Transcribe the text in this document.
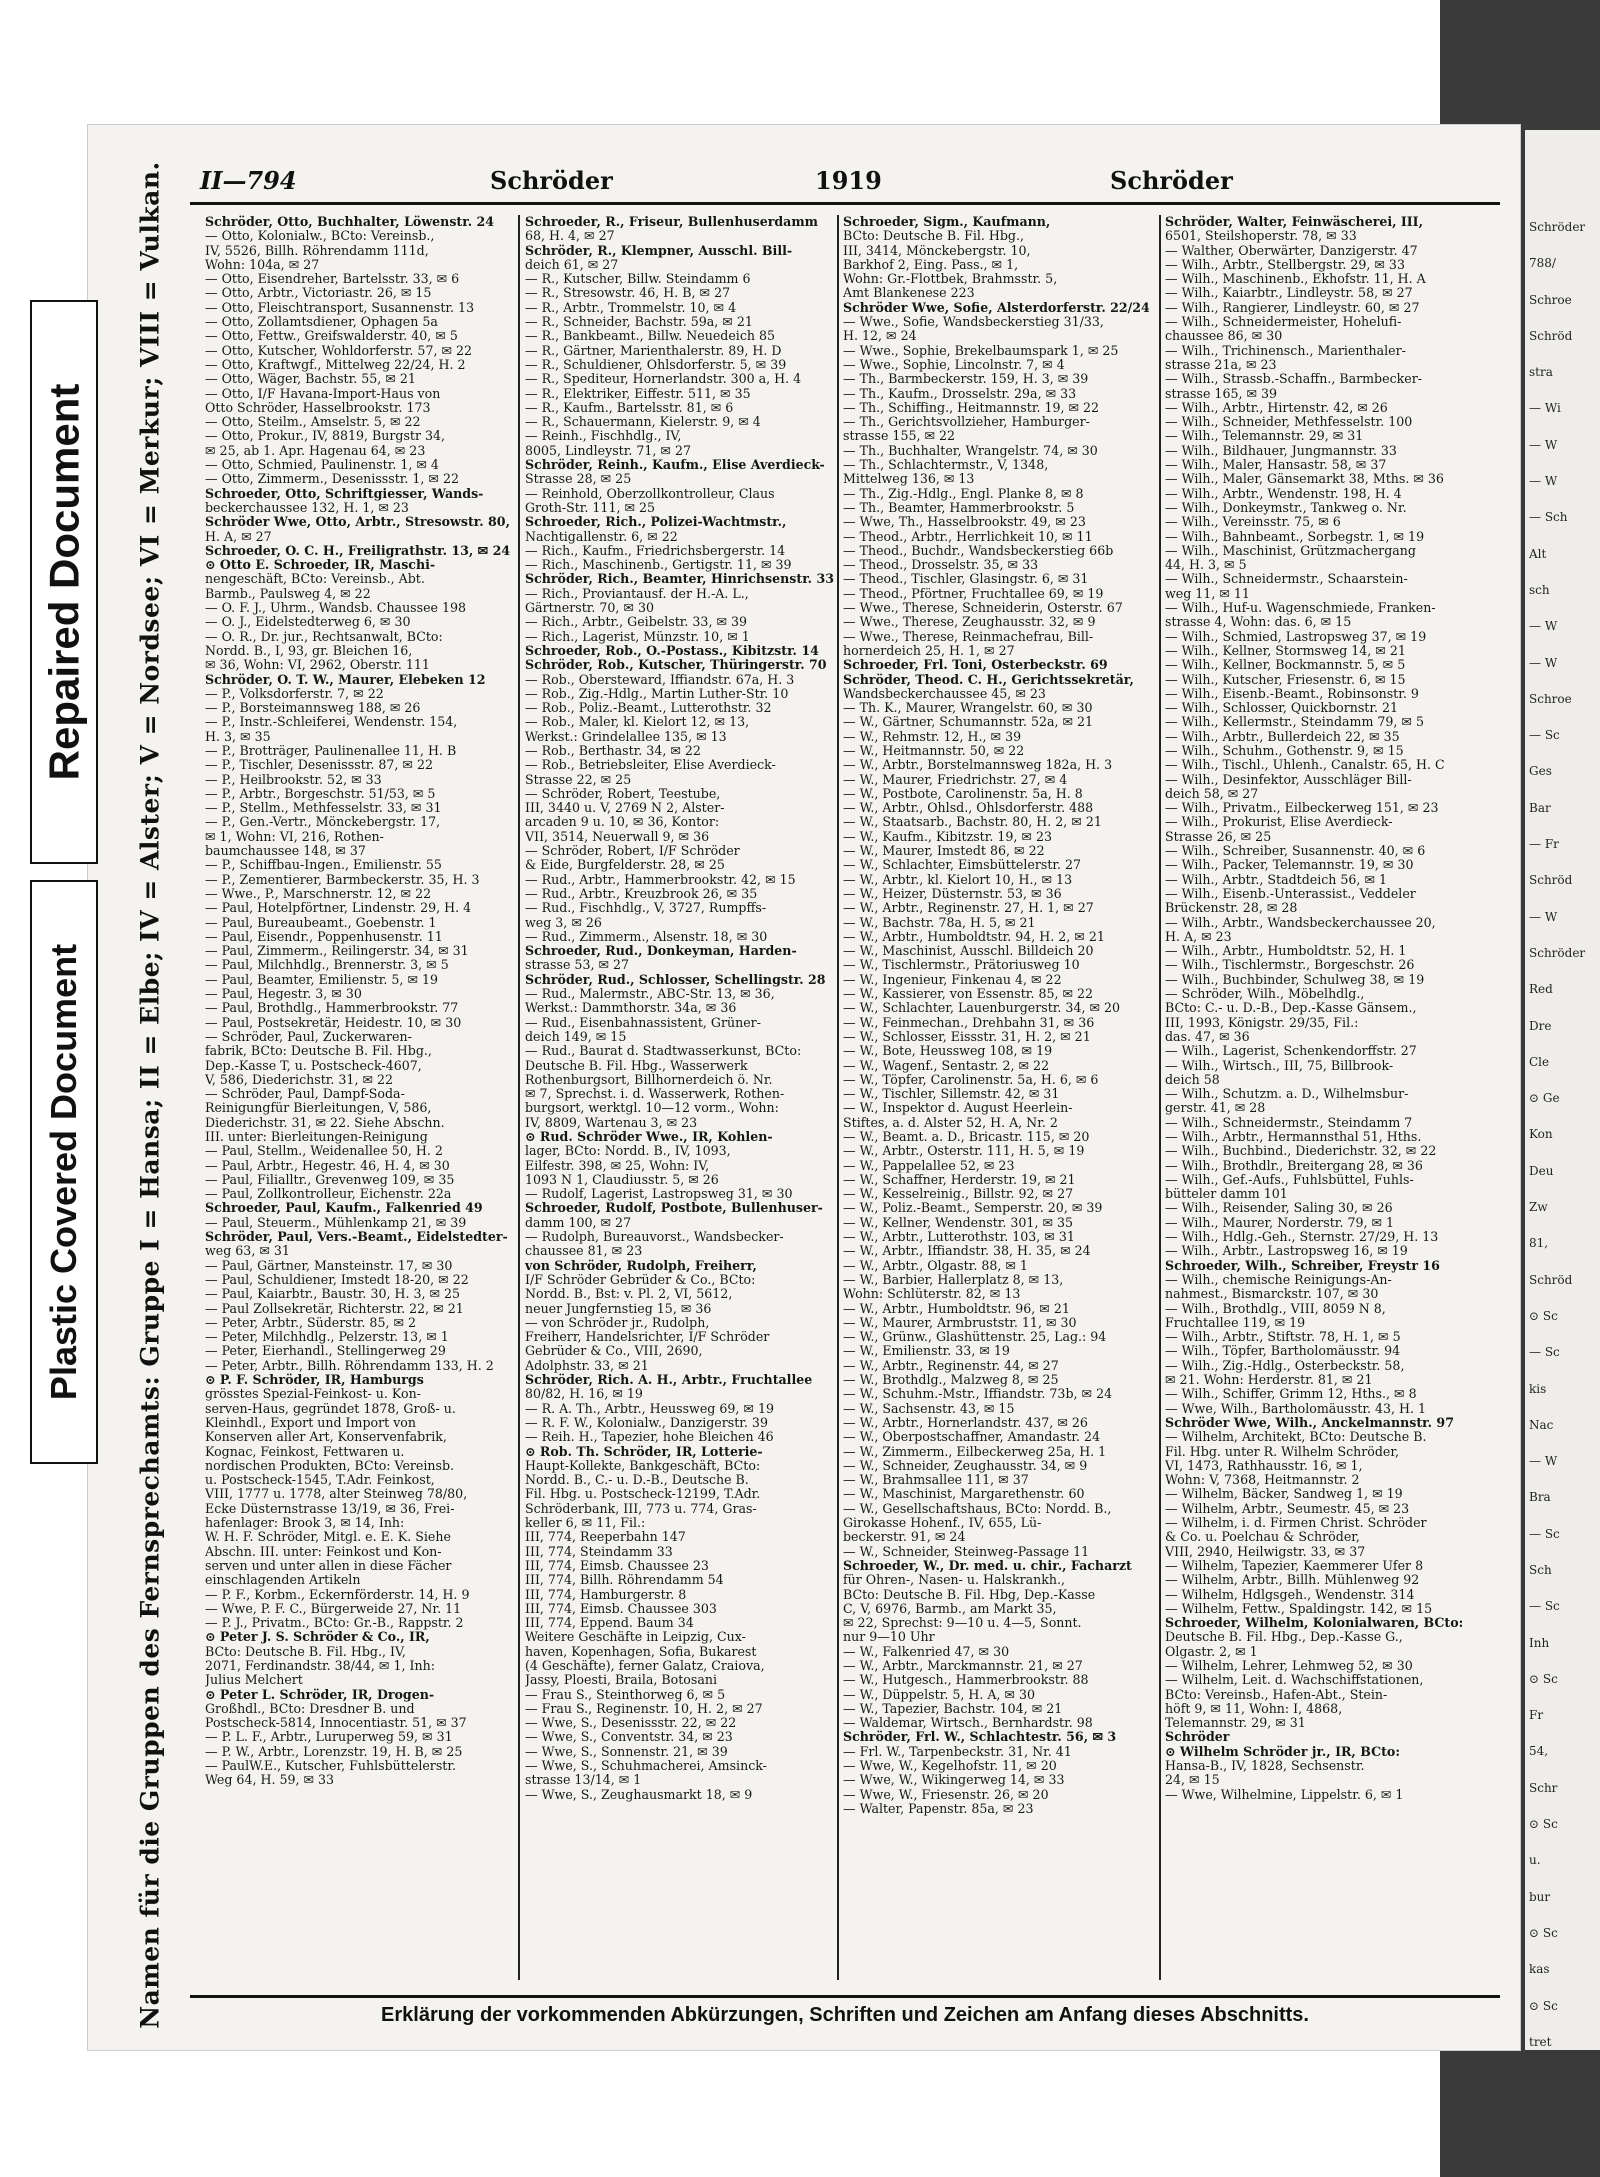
Schröder
788/
Schroe
Schröd
stra
— Wi
— W
— W
— Sch
Alt
sch
— W
— W
Schroe
— Sc
Ges
Bar
— Fr
Schröd
— W
Schröder
Red
Dre
Cle
⊙ Ge
Kon
Deu
Zw
81,
Schröd
⊙ Sc
— Sc
kis
Nac
— W
Bra
— Sc
Sch
— Sc
Inh
⊙ Sc
Fr
54,
Schr
⊙ Sc
u.
bur
⊙ Sc
kas
⊙ Sc
tret
Repaired Document
Plastic Covered Document Namen für die Gruppen des Fernsprechamts: Gruppe I = Hansa; II = Elbe; IV = Alster; V = Nordsee; VI = Merkur; VIII = Vulkan. II—794	Schröder	1919	Schröder
Schröder, Otto, Buchhalter, Löwenstr. 24
— Otto, Kolonialw., BCto: Vereinsb.,
IV, 5526, Billh. Röhrendamm 111d,
Wohn: 104a, ✉ 27
— Otto, Eisendreher, Bartelsstr. 33, ✉ 6
— Otto, Arbtr., Victoriastr. 26, ✉ 15
— Otto, Fleischtransport, Susannenstr. 13
— Otto, Zollamtsdiener, Ophagen 5a
— Otto, Fettw., Greifswalderstr. 40, ✉ 5
— Otto, Kutscher, Wohldorferstr. 57, ✉ 22
— Otto, Kraftwgf., Mittelweg 22/24, H. 2
— Otto, Wäger, Bachstr. 55, ✉ 21
— Otto, I/F Havana-Import-Haus von
Otto Schröder, Hasselbrookstr. 173
— Otto, Steilm., Amselstr. 5, ✉ 22
— Otto, Prokur., IV, 8819, Burgstr 34,
✉ 25, ab 1. Apr. Hagenau 64, ✉ 23
— Otto, Schmied, Paulinenstr. 1, ✉ 4
— Otto, Zimmerm., Desenissstr. 1, ✉ 22
Schroeder, Otto, Schriftgiesser, Wands-
beckerchaussee 132, H. 1, ✉ 23
Schröder Wwe, Otto, Arbtr., Stresowstr. 80,
H. A, ✉ 27
Schroeder, O. C. H., Freiligrathstr. 13, ✉ 24
⊙ Otto E. Schroeder, IR, Maschi-
nengeschäft, BCto: Vereinsb., Abt.
Barmb., Paulsweg 4, ✉ 22
— O. F. J., Uhrm., Wandsb. Chaussee 198
— O. J., Eidelstedterweg 6, ✉ 30
— O. R., Dr. jur., Rechtsanwalt, BCto:
Nordd. B., I, 93, gr. Bleichen 16,
✉ 36, Wohn: VI, 2962, Oberstr. 111
Schröder, O. T. W., Maurer, Elebeken 12
— P., Volksdorferstr. 7, ✉ 22
— P., Borsteimannsweg 188, ✉ 26
— P., Instr.-Schleiferei, Wendenstr. 154,
H. 3, ✉ 35
— P., Brotträger, Paulinenallee 11, H. B
— P., Tischler, Desenissstr. 87, ✉ 22
— P., Heilbrookstr. 52, ✉ 33
— P., Arbtr., Borgeschstr. 51/53, ✉ 5
— P., Stellm., Methfesselstr. 33, ✉ 31
— P., Gen.-Vertr., Mönckebergstr. 17,
✉ 1, Wohn: VI, 216, Rothen-
baumchaussee 148, ✉ 37
— P., Schiffbau-Ingen., Emilienstr. 55
— P., Zementierer, Barmbeckerstr. 35, H. 3
— Wwe., P., Marschnerstr. 12, ✉ 22
— Paul, Hotelpförtner, Lindenstr. 29, H. 4
— Paul, Bureaubeamt., Goebenstr. 1
— Paul, Eisendr., Poppenhusenstr. 11
— Paul, Zimmerm., Reilingerstr. 34, ✉ 31
— Paul, Milchhdlg., Brennerstr. 3, ✉ 5
— Paul, Beamter, Emilienstr. 5, ✉ 19
— Paul, Hegestr. 3, ✉ 30
— Paul, Brothdlg., Hammerbrookstr. 77
— Paul, Postsekretär, Heidestr. 10, ✉ 30
— Schröder, Paul, Zuckerwaren-
fabrik, BCto: Deutsche B. Fil. Hbg.,
Dep.-Kasse T, u. Postscheck-4607,
V, 586, Diederichstr. 31, ✉ 22
— Schröder, Paul, Dampf-Soda-
Reinigungfür Bierleitungen, V, 586,
Diederichstr. 31, ✉ 22. Siehe Abschn.
III. unter: Bierleitungen-Reinigung
— Paul, Stellm., Weidenallee 50, H. 2
— Paul, Arbtr., Hegestr. 46, H. 4, ✉ 30
— Paul, Filialltr., Grevenweg 109, ✉ 35
— Paul, Zollkontrolleur, Eichenstr. 22a
Schroeder, Paul, Kaufm., Falkenried 49
— Paul, Steuerm., Mühlenkamp 21, ✉ 39
Schröder, Paul, Vers.-Beamt., Eidelstedter-
weg 63, ✉ 31
— Paul, Gärtner, Mansteinstr. 17, ✉ 30
— Paul, Schuldiener, Imstedt 18-20, ✉ 22
— Paul, Kaiarbtr., Baustr. 30, H. 3, ✉ 25
— Paul Zollsekretär, Richterstr. 22, ✉ 21
— Peter, Arbtr., Süderstr. 85, ✉ 2
— Peter, Milchhdlg., Pelzerstr. 13, ✉ 1
— Peter, Eierhandl., Stellingerweg 29
— Peter, Arbtr., Billh. Röhrendamm 133, H. 2
⊙ P. F. Schröder, IR, Hamburgs
grösstes Spezial-Feinkost- u. Kon-
serven-Haus, gegründet 1878, Groß- u.
Kleinhdl., Export und Import von
Konserven aller Art, Konservenfabrik,
Kognac, Feinkost, Fettwaren u.
nordischen Produkten, BCto: Vereinsb.
u. Postscheck-1545, T.Adr. Feinkost,
VIII, 1777 u. 1778, alter Steinweg 78/80,
Ecke Düsternstrasse 13/19, ✉ 36, Frei-
hafenlager: Brook 3, ✉ 14, Inh:
W. H. F. Schröder, Mitgl. e. E. K. Siehe
Abschn. III. unter: Feinkost und Kon-
serven und unter allen in diese Fächer
einschlagenden Artikeln
— P. F., Korbm., Eckernförderstr. 14, H. 9
— Wwe, P. F. C., Bürgerweide 27, Nr. 11
— P. J., Privatm., BCto: Gr.-B., Rappstr. 2
⊙ Peter J. S. Schröder & Co., IR,
BCto: Deutsche B. Fil. Hbg., IV,
2071, Ferdinandstr. 38/44, ✉ 1, Inh:
Julius Melchert
⊙ Peter L. Schröder, IR, Drogen-
Großhdl., BCto: Dresdner B. und
Postscheck-5814, Innocentiastr. 51, ✉ 37
— P. L. F., Arbtr., Luruperweg 59, ✉ 31
— P. W., Arbtr., Lorenzstr. 19, H. B, ✉ 25
— PaulW.E., Kutscher, Fuhlsbüttelerstr.
Weg 64, H. 59, ✉ 33
Schroeder, R., Friseur, Bullenhuserdamm
68, H. 4, ✉ 27
Schröder, R., Klempner, Ausschl. Bill-
deich 61, ✉ 27
— R., Kutscher, Billw. Steindamm 6
— R., Stresowstr. 46, H. B, ✉ 27
— R., Arbtr., Trommelstr. 10, ✉ 4
— R., Schneider, Bachstr. 59a, ✉ 21
— R., Bankbeamt., Billw. Neuedeich 85
— R., Gärtner, Marienthalerstr. 89, H. D
— R., Schuldiener, Ohlsdorferstr. 5, ✉ 39
— R., Spediteur, Hornerlandstr. 300 a, H. 4
— R., Elektriker, Eiffestr. 511, ✉ 35
— R., Kaufm., Bartelsstr. 81, ✉ 6
— R., Schauermann, Kielerstr. 9, ✉ 4
— Reinh., Fischhdlg., IV,
8005, Lindleystr. 71, ✉ 27
Schröder, Reinh., Kaufm., Elise Averdieck-
Strasse 28, ✉ 25
— Reinhold, Oberzollkontrolleur, Claus
Groth-Str. 111, ✉ 25
Schroeder, Rich., Polizei-Wachtmstr.,
Nachtigallenstr. 6, ✉ 22
— Rich., Kaufm., Friedrichsbergerstr. 14
— Rich., Maschinenb., Gertigstr. 11, ✉ 39
Schröder, Rich., Beamter, Hinrichsenstr. 33
— Rich., Proviantausf. der H.-A. L.,
Gärtnerstr. 70, ✉ 30
— Rich., Arbtr., Geibelstr. 33, ✉ 39
— Rich., Lagerist, Münzstr. 10, ✉ 1
Schroeder, Rob., O.-Postass., Kibitzstr. 14
Schröder, Rob., Kutscher, Thüringerstr. 70
— Rob., Obersteward, Iffiandstr. 67a, H. 3
— Rob., Zig.-Hdlg., Martin Luther-Str. 10
— Rob., Poliz.-Beamt., Lutterothstr. 32
— Rob., Maler, kl. Kielort 12, ✉ 13,
Werkst.: Grindelallee 135, ✉ 13
— Rob., Berthastr. 34, ✉ 22
— Rob., Betriebsleiter, Elise Averdieck-
Strasse 22, ✉ 25
— Schröder, Robert, Teestube,
III, 3440 u. V, 2769 N 2, Alster-
arcaden 9 u. 10, ✉ 36, Kontor:
VII, 3514, Neuerwall 9, ✉ 36
— Schröder, Robert, I/F Schröder
& Eide, Burgfelderstr. 28, ✉ 25
— Rud., Arbtr., Hammerbrookstr. 42, ✉ 15
— Rud., Arbtr., Kreuzbrook 26, ✉ 35
— Rud., Fischhdlg., V, 3727, Rumpffs-
weg 3, ✉ 26
— Rud., Zimmerm., Alsenstr. 18, ✉ 30
Schroeder, Rud., Donkeyman, Harden-
strasse 53, ✉ 27
Schröder, Rud., Schlosser, Schellingstr. 28
— Rud., Malermstr., ABC-Str. 13, ✉ 36,
Werkst.: Dammthorstr. 34a, ✉ 36
— Rud., Eisenbahnassistent, Grüner-
deich 149, ✉ 15
— Rud., Baurat d. Stadtwasserkunst, BCto:
Deutsche B. Fil. Hbg., Wasserwerk
Rothenburgsort, Billhornerdeich ö. Nr.
✉ 7, Sprechst. i. d. Wasserwerk, Rothen-
burgsort, werktgl. 10—12 vorm., Wohn:
IV, 8809, Wartenau 3, ✉ 23
⊙ Rud. Schröder Wwe., IR, Kohlen-
lager, BCto: Nordd. B., IV, 1093,
Eilfestr. 398, ✉ 25, Wohn: IV,
1093 N 1, Claudiusstr. 5, ✉ 26
— Rudolf, Lagerist, Lastropsweg 31, ✉ 30
Schroeder, Rudolf, Postbote, Bullenhuser-
damm 100, ✉ 27
— Rudolph, Bureauvorst., Wandsbecker-
chaussee 81, ✉ 23
von Schröder, Rudolph, Freiherr,
I/F Schröder Gebrüder & Co., BCto:
Nordd. B., Bst: v. Pl. 2, VI, 5612,
neuer Jungfernstieg 15, ✉ 36
— von Schröder jr., Rudolph,
Freiherr, Handelsrichter, I/F Schröder
Gebrüder & Co., VIII, 2690,
Adolphstr. 33, ✉ 21
Schröder, Rich. A. H., Arbtr., Fruchtallee
80/82, H. 16, ✉ 19
— R. A. Th., Arbtr., Heussweg 69, ✉ 19
— R. F. W., Kolonialw., Danzigerstr. 39
— Reih. H., Tapezier, hohe Bleichen 46
⊙ Rob. Th. Schröder, IR, Lotterie-
Haupt-Kollekte, Bankgeschäft, BCto:
Nordd. B., C.- u. D.-B., Deutsche B.
Fil. Hbg. u. Postscheck-12199, T.Adr.
Schröderbank, III, 773 u. 774, Gras-
keller 6, ✉ 11, Fil.:
III, 774, Reeperbahn 147
III, 774, Steindamm 33
III, 774, Eimsb. Chaussee 23
III, 774, Billh. Röhrendamm 54
III, 774, Hamburgerstr. 8
III, 774, Eimsb. Chaussee 303
III, 774, Eppend. Baum 34
Weitere Geschäfte in Leipzig, Cux-
haven, Kopenhagen, Sofia, Bukarest
(4 Geschäfte), ferner Galatz, Craiova,
Jassy, Ploesti, Braila, Botosani
— Frau S., Steinthorweg 6, ✉ 5
— Frau S., Reginenstr. 10, H. 2, ✉ 27
— Wwe, S., Desenissstr. 22, ✉ 22
— Wwe, S., Conventstr. 34, ✉ 23
— Wwe, S., Sonnenstr. 21, ✉ 39
— Wwe, S., Schuhmacherei, Amsinck-
strasse 13/14, ✉ 1
— Wwe, S., Zeughausmarkt 18, ✉ 9
Schroeder, Sigm., Kaufmann,
BCto: Deutsche B. Fil. Hbg.,
III, 3414, Mönckebergstr. 10,
Barkhof 2, Eing. Pass., ✉ 1,
Wohn: Gr.-Flottbek, Brahmsstr. 5,
Amt Blankenese 223
Schröder Wwe, Sofie, Alsterdorferstr. 22/24
— Wwe., Sofie, Wandsbeckerstieg 31/33,
H. 12, ✉ 24
— Wwe., Sophie, Brekelbaumspark 1, ✉ 25
— Wwe., Sophie, Lincolnstr. 7, ✉ 4
— Th., Barmbeckerstr. 159, H. 3, ✉ 39
— Th., Kaufm., Drosselstr. 29a, ✉ 33
— Th., Schiffing., Heitmannstr. 19, ✉ 22
— Th., Gerichtsvollzieher, Hamburger-
strasse 155, ✉ 22
— Th., Buchhalter, Wrangelstr. 74, ✉ 30
— Th., Schlachtermstr., V, 1348,
Mittelweg 136, ✉ 13
— Th., Zig.-Hdlg., Engl. Planke 8, ✉ 8
— Th., Beamter, Hammerbrookstr. 5
— Wwe, Th., Hasselbrookstr. 49, ✉ 23
— Theod., Arbtr., Herrlichkeit 10, ✉ 11
— Theod., Buchdr., Wandsbeckerstieg 66b
— Theod., Drosselstr. 35, ✉ 33
— Theod., Tischler, Glasingstr. 6, ✉ 31
— Theod., Pförtner, Fruchtallee 69, ✉ 19
— Wwe., Therese, Schneiderin, Osterstr. 67
— Wwe., Therese, Zeughausstr. 32, ✉ 9
— Wwe., Therese, Reinmachefrau, Bill-
hornerdeich 25, H. 1, ✉ 27
Schroeder, Frl. Toni, Osterbeckstr. 69
Schröder, Theod. C. H., Gerichtssekretär,
Wandsbeckerchaussee 45, ✉ 23
— Th. K., Maurer, Wrangelstr. 60, ✉ 30
— W., Gärtner, Schumannstr. 52a, ✉ 21
— W., Rehmstr. 12, H., ✉ 39
— W., Heitmannstr. 50, ✉ 22
— W., Arbtr., Borstelmannsweg 182a, H. 3
— W., Maurer, Friedrichstr. 27, ✉ 4
— W., Postbote, Carolinenstr. 5a, H. 8
— W., Arbtr., Ohlsd., Ohlsdorferstr. 488
— W., Staatsarb., Bachstr. 80, H. 2, ✉ 21
— W., Kaufm., Kibitzstr. 19, ✉ 23
— W., Maurer, Imstedt 86, ✉ 22
— W., Schlachter, Eimsbüttelerstr. 27
— W., Arbtr., kl. Kielort 10, H., ✉ 13
— W., Heizer, Düsternstr. 53, ✉ 36
— W., Arbtr., Reginenstr. 27, H. 1, ✉ 27
— W., Bachstr. 78a, H. 5, ✉ 21
— W., Arbtr., Humboldtstr. 94, H. 2, ✉ 21
— W., Maschinist, Ausschl. Billdeich 20
— W., Tischlermstr., Prätoriusweg 10
— W., Ingenieur, Finkenau 4, ✉ 22
— W., Kassierer, von Essenstr. 85, ✉ 22
— W., Schlachter, Lauenburgerstr. 34, ✉ 20
— W., Feinmechan., Drehbahn 31, ✉ 36
— W., Schlosser, Eissstr. 31, H. 2, ✉ 21
— W., Bote, Heussweg 108, ✉ 19
— W., Wagenf., Sentastr. 2, ✉ 22
— W., Töpfer, Carolinenstr. 5a, H. 6, ✉ 6
— W., Tischler, Sillemstr. 42, ✉ 31
— W., Inspektor d. August Heerlein-
Stiftes, a. d. Alster 52, H. A, Nr. 2
— W., Beamt. a. D., Bricastr. 115, ✉ 20
— W., Arbtr., Osterstr. 111, H. 5, ✉ 19
— W., Pappelallee 52, ✉ 23
— W., Schaffner, Herderstr. 19, ✉ 21
— W., Kesselreinig., Billstr. 92, ✉ 27
— W., Poliz.-Beamt., Semperstr. 20, ✉ 39
— W., Kellner, Wendenstr. 301, ✉ 35
— W., Arbtr., Lutterothstr. 103, ✉ 31
— W., Arbtr., Iffiandstr. 38, H. 35, ✉ 24
— W., Arbtr., Olgastr. 88, ✉ 1
— W., Barbier, Hallerplatz 8, ✉ 13,
Wohn: Schlüterstr. 82, ✉ 13
— W., Arbtr., Humboldtstr. 96, ✉ 21
— W., Maurer, Armbruststr. 11, ✉ 30
— W., Grünw., Glashüttenstr. 25, Lag.: 94
— W., Emilienstr. 33, ✉ 19
— W., Arbtr., Reginenstr. 44, ✉ 27
— W., Brothdlg., Malzweg 8, ✉ 25
— W., Schuhm.-Mstr., Iffiandstr. 73b, ✉ 24
— W., Sachsenstr. 43, ✉ 15
— W., Arbtr., Hornerlandstr. 437, ✉ 26
— W., Oberpostschaffner, Amandastr. 24
— W., Zimmerm., Eilbeckerweg 25a, H. 1
— W., Schneider, Zeughausstr. 34, ✉ 9
— W., Brahmsallee 111, ✉ 37
— W., Maschinist, Margarethenstr. 60
— W., Gesellschaftshaus, BCto: Nordd. B.,
Girokasse Hohenf., IV, 655, Lü-
beckerstr. 91, ✉ 24
— W., Schneider, Steinweg-Passage 11
Schroeder, W., Dr. med. u. chir., Facharzt
für Ohren-, Nasen- u. Halskrankh.,
BCto: Deutsche B. Fil. Hbg, Dep.-Kasse
C, V, 6976, Barmb., am Markt 35,
✉ 22, Sprechst: 9—10 u. 4—5, Sonnt.
nur 9—10 Uhr
— W., Falkenried 47, ✉ 30
— W., Arbtr., Marckmannstr. 21, ✉ 27
— W., Hutgesch., Hammerbrookstr. 88
— W., Düppelstr. 5, H. A, ✉ 30
— W., Tapezier, Bachstr. 104, ✉ 21
— Waldemar, Wirtsch., Bernhardstr. 98
Schröder, Frl. W., Schlachtestr. 56, ✉ 3
— Frl. W., Tarpenbeckstr. 31, Nr. 41
— Wwe, W., Kegelhofstr. 11, ✉ 20
— Wwe, W., Wikingerweg 14, ✉ 33
— Wwe, W., Friesenstr. 26, ✉ 20
— Walter, Papenstr. 85a, ✉ 23
Schröder, Walter, Feinwäscherei, III,
6501, Steilshoperstr. 78, ✉ 33
— Walther, Oberwärter, Danzigerstr. 47
— Wilh., Arbtr., Stellbergstr. 29, ✉ 33
— Wilh., Maschinenb., Ekhofstr. 11, H. A
— Wilh., Kaiarbtr., Lindleystr. 58, ✉ 27
— Wilh., Rangierer, Lindleystr. 60, ✉ 27
— Wilh., Schneidermeister, Hohelufi-
chaussee 86, ✉ 30
— Wilh., Trichinensch., Marienthaler-
strasse 21a, ✉ 23
— Wilh., Strassb.-Schaffn., Barmbecker-
strasse 165, ✉ 39
— Wilh., Arbtr., Hirtenstr. 42, ✉ 26
— Wilh., Schneider, Methfesselstr. 100
— Wilh., Telemannstr. 29, ✉ 31
— Wilh., Bildhauer, Jungmannstr. 33
— Wilh., Maler, Hansastr. 58, ✉ 37
— Wilh., Maler, Gänsemarkt 38, Mths. ✉ 36
— Wilh., Arbtr., Wendenstr. 198, H. 4
— Wilh., Donkeymstr., Tankweg o. Nr.
— Wilh., Vereinsstr. 75, ✉ 6
— Wilh., Bahnbeamt., Sorbegstr. 1, ✉ 19
— Wilh., Maschinist, Grützmachergang
44, H. 3, ✉ 5
— Wilh., Schneidermstr., Schaarstein-
weg 11, ✉ 11
— Wilh., Huf-u. Wagenschmiede, Franken-
strasse 4, Wohn: das. 6, ✉ 15
— Wilh., Schmied, Lastropsweg 37, ✉ 19
— Wilh., Kellner, Stormsweg 14, ✉ 21
— Wilh., Kellner, Bockmannstr. 5, ✉ 5
— Wilh., Kutscher, Friesenstr. 6, ✉ 15
— Wilh., Eisenb.-Beamt., Robinsonstr. 9
— Wilh., Schlosser, Quickbornstr. 21
— Wilh., Kellermstr., Steindamm 79, ✉ 5
— Wilh., Arbtr., Bullerdeich 22, ✉ 35
— Wilh., Schuhm., Gothenstr. 9, ✉ 15
— Wilh., Tischl., Uhlenh., Canalstr. 65, H. C
— Wilh., Desinfektor, Ausschläger Bill-
deich 58, ✉ 27
— Wilh., Privatm., Eilbeckerweg 151, ✉ 23
— Wilh., Prokurist, Elise Averdieck-
Strasse 26, ✉ 25
— Wilh., Schreiber, Susannenstr. 40, ✉ 6
— Wilh., Packer, Telemannstr. 19, ✉ 30
— Wilh., Arbtr., Stadtdeich 56, ✉ 1
— Wilh., Eisenb.-Unterassist., Veddeler
Brückenstr. 28, ✉ 28
— Wilh., Arbtr., Wandsbeckerchaussee 20,
H. A, ✉ 23
— Wilh., Arbtr., Humboldtstr. 52, H. 1
— Wilh., Tischlermstr., Borgeschstr. 26
— Wilh., Buchbinder, Schulweg 38, ✉ 19
— Schröder, Wilh., Möbelhdlg.,
BCto: C.- u. D.-B., Dep.-Kasse Gänsem.,
III, 1993, Königstr. 29/35, Fil.:
das. 47, ✉ 36
— Wilh., Lagerist, Schenkendorffstr. 27
— Wilh., Wirtsch., III, 75, Billbrook-
deich 58
— Wilh., Schutzm. a. D., Wilhelmsbur-
gerstr. 41, ✉ 28
— Wilh., Schneidermstr., Steindamm 7
— Wilh., Arbtr., Hermannsthal 51, Hths.
— Wilh., Buchbind., Diederichstr. 32, ✉ 22
— Wilh., Brothdlr., Breitergang 28, ✉ 36
— Wilh., Gef.-Aufs., Fuhlsbüttel, Fuhls-
bütteler damm 101
— Wilh., Reisender, Saling 30, ✉ 26
— Wilh., Maurer, Norderstr. 79, ✉ 1
— Wilh., Hdlg.-Geh., Sternstr. 27/29, H. 13
— Wilh., Arbtr., Lastropsweg 16, ✉ 19
Schroeder, Wilh., Schreiber, Freystr 16
— Wilh., chemische Reinigungs-An-
nahmest., Bismarckstr. 107, ✉ 30
— Wilh., Brothdlg., VIII, 8059 N 8,
Fruchtallee 119, ✉ 19
— Wilh., Arbtr., Stiftstr. 78, H. 1, ✉ 5
— Wilh., Töpfer, Bartholomäusstr. 94
— Wilh., Zig.-Hdlg., Osterbeckstr. 58,
✉ 21. Wohn: Herderstr. 81, ✉ 21
— Wilh., Schiffer, Grimm 12, Hths., ✉ 8
— Wwe, Wilh., Bartholomäusstr. 43, H. 1
Schröder Wwe, Wilh., Anckelmannstr. 97
— Wilhelm, Architekt, BCto: Deutsche B.
Fil. Hbg. unter R. Wilhelm Schröder,
VI, 1473, Rathhausstr. 16, ✉ 1,
Wohn: V, 7368, Heitmannstr. 2
— Wilhelm, Bäcker, Sandweg 1, ✉ 19
— Wilhelm, Arbtr., Seumestr. 45, ✉ 23
— Wilhelm, i. d. Firmen Christ. Schröder
& Co. u. Poelchau & Schröder,
VIII, 2940, Heilwigstr. 33, ✉ 37
— Wilhelm, Tapezier, Kaemmerer Ufer 8
— Wilhelm, Arbtr., Billh. Mühlenweg 92
— Wilhelm, Hdlgsgeh., Wendenstr. 314
— Wilhelm, Fettw., Spaldingstr. 142, ✉ 15
Schroeder, Wilhelm, Kolonialwaren, BCto:
Deutsche B. Fil. Hbg., Dep.-Kasse G.,
Olgastr. 2, ✉ 1
— Wilhelm, Lehrer, Lehmweg 52, ✉ 30
— Wilhelm, Leit. d. Wachschiffstationen,
BCto: Vereinsb., Hafen-Abt., Stein-
höft 9, ✉ 11, Wohn: I, 4868,
Telemannstr. 29, ✉ 31
Schröder
⊙ Wilhelm Schröder jr., IR, BCto:
Hansa-B., IV, 1828, Sechsenstr.
24, ✉ 15
— Wwe, Wilhelmine, Lippelstr. 6, ✉ 1
Erklärung der vorkommenden Abkürzungen, Schriften und Zeichen am Anfang dieses Abschnitts.
